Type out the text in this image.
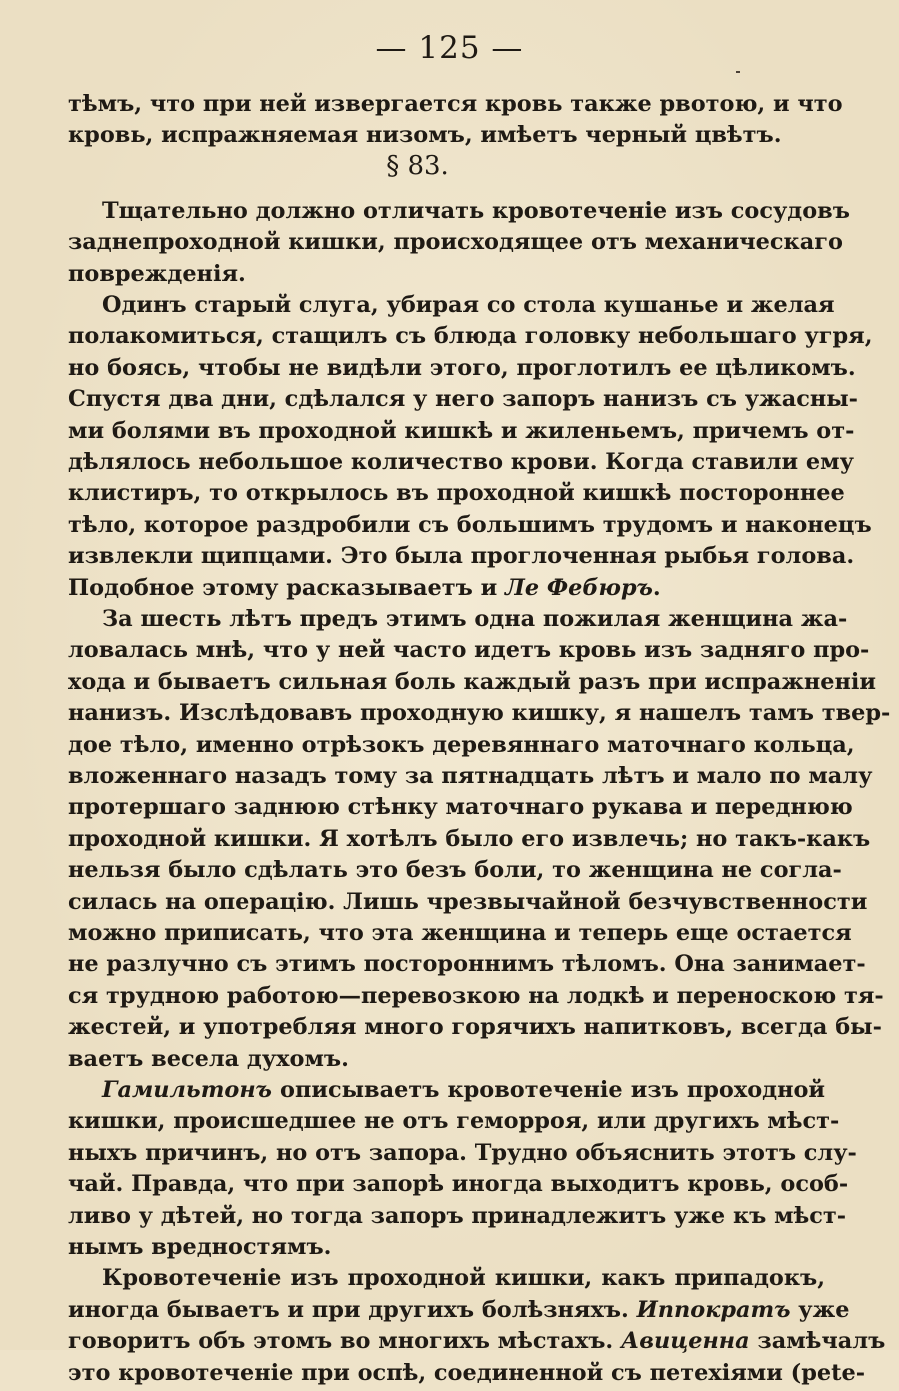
— 125 —
тѣмъ, что при ней извергается кровь также рвотою, и что
кровь, испражняемая низомъ, имѣетъ черный цвѣтъ.
§ 83.
Тщательно должно отличать кровотеченіе изъ сосудовъ
заднепроходной кишки, происходящее отъ механическаго
поврежденія.
Одинъ старый слуга, убирая со стола кушанье и желая
полакомиться, стащилъ съ блюда головку небольшаго угря,
но боясь, чтобы не видѣли этого, проглотилъ ее цѣликомъ.
Спустя два дни, сдѣлался у него запоръ нанизъ съ ужасны-
ми болями въ проходной кишкѣ и жиленьемъ, причемъ от-
дѣлялось небольшое количество крови. Когда ставили ему
клистиръ, то открылось въ проходной кишкѣ постороннее
тѣло, которое раздробили съ большимъ трудомъ и наконецъ
извлекли щипцами. Это была проглоченная рыбья голова.
Подобное этому расказываетъ и Ле Фебюръ.
За шесть лѣтъ предъ этимъ одна пожилая женщина жа-
ловалась мнѣ, что у ней часто идетъ кровь изъ задняго про-
хода и бываетъ сильная боль каждый разъ при испражненіи
нанизъ. Изслѣдовавъ проходную кишку, я нашелъ тамъ твер-
дое тѣло, именно отрѣзокъ деревяннаго маточнаго кольца,
вложеннаго назадъ тому за пятнадцать лѣтъ и мало по малу
протершаго заднюю стѣнку маточнаго рукава и переднюю
проходной кишки. Я хотѣлъ было его извлечь; но такъ-какъ
нельзя было сдѣлать это безъ боли, то женщина не согла-
силась на операцію. Лишь чрезвычайной безчувственности
можно приписать, что эта женщина и теперь еще остается
не разлучно съ этимъ постороннимъ тѣломъ. Она занимает-
ся трудною работою—перевозкою на лодкѣ и переноскою тя-
жестей, и употребляя много горячихъ напитковъ, всегда бы-
ваетъ весела духомъ.
Гамильтонъ описываетъ кровотеченіе изъ проходной
кишки, происшедшее не отъ геморроя, или другихъ мѣст-
ныхъ причинъ, но отъ запора. Трудно объяснить этотъ слу-
чай. Правда, что при запорѣ иногда выходитъ кровь, особ-
ливо у дѣтей, но тогда запоръ принадлежитъ уже къ мѣст-
нымъ вредностямъ.
Кровотеченіе изъ проходной кишки, какъ припадокъ,
иногда бываетъ и при другихъ болѣзняхъ. Иппократъ уже
говоритъ объ этомъ во многихъ мѣстахъ. Авиценна замѣчалъ
это кровотеченіе при оспѣ, соединенной съ петехіями (pete-
